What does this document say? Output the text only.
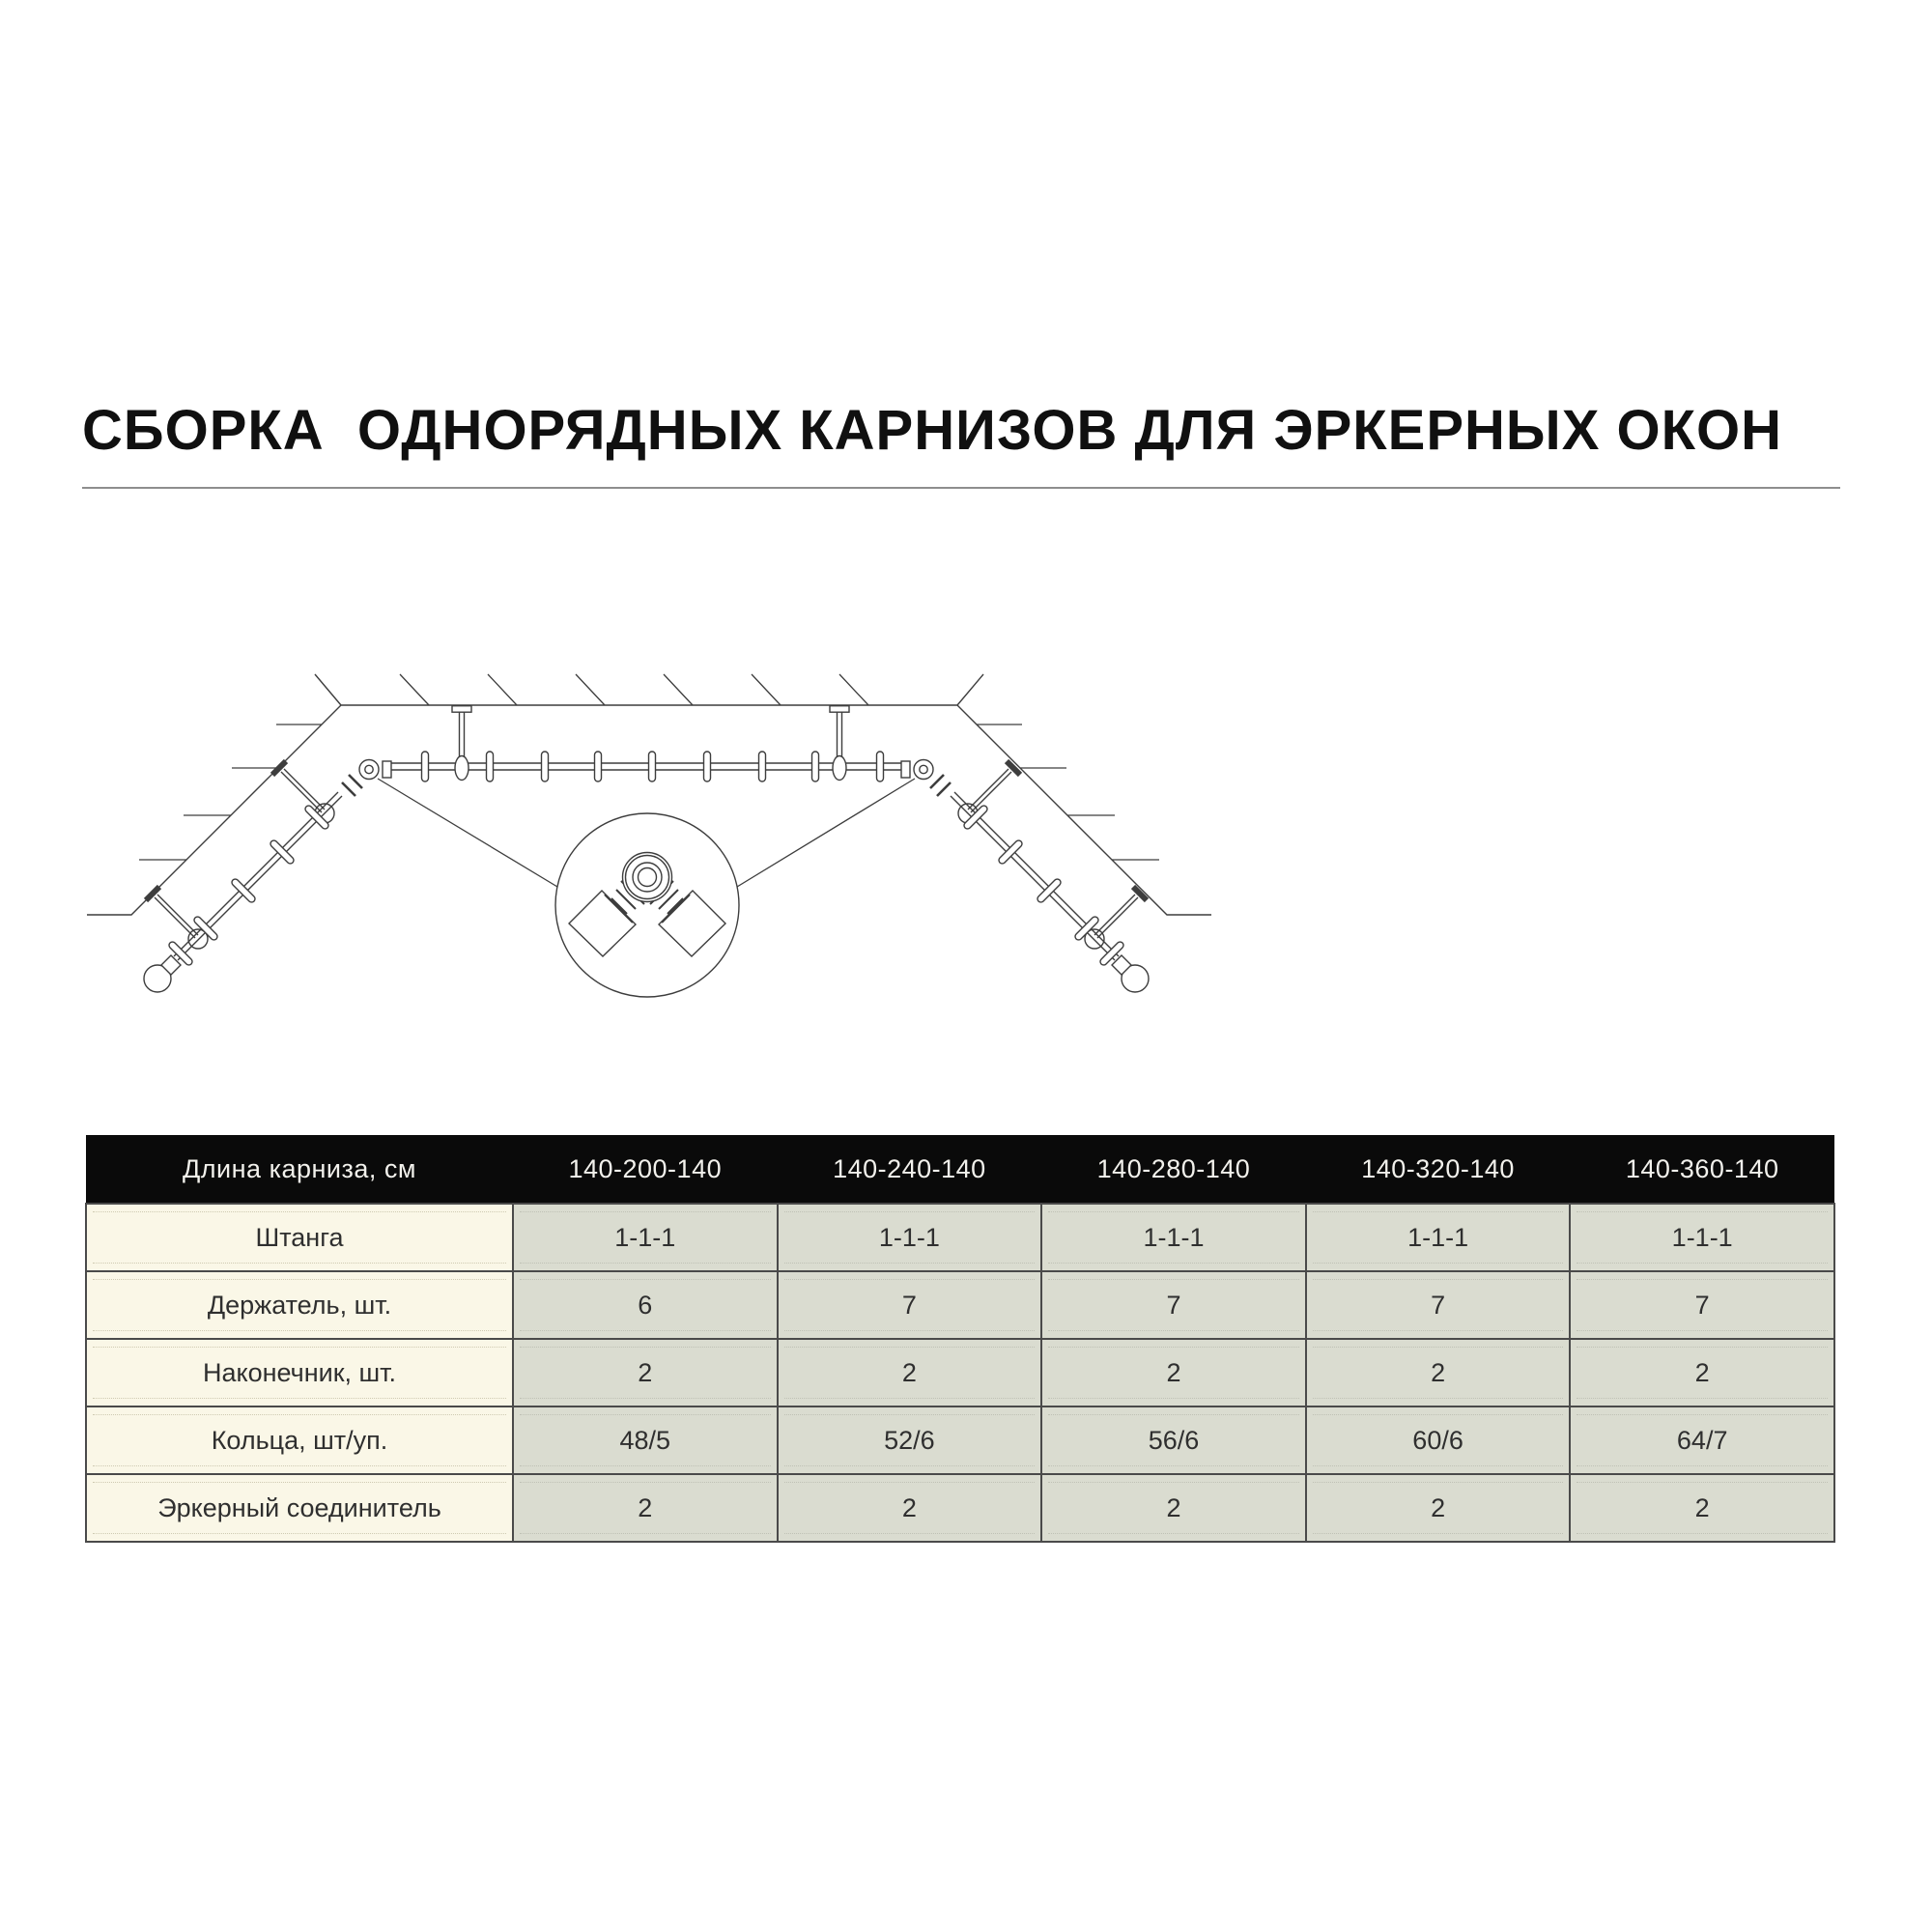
СБОРКА  ОДНОРЯДНЫХ КАРНИЗОВ ДЛЯ ЭРКЕРНЫХ ОКОН
Длина карниза, см	140-200-140	140-240-140	140-280-140	140-320-140	140-360-140
Штанга	1-1-1	1-1-1	1-1-1	1-1-1	1-1-1
Держатель, шт.	6	7	7	7	7
Наконечник, шт.	2	2	2	2	2
Кольца, шт/уп.	48/5	52/6	56/6	60/6	64/7
Эркерный соединитель	2	2	2	2	2
